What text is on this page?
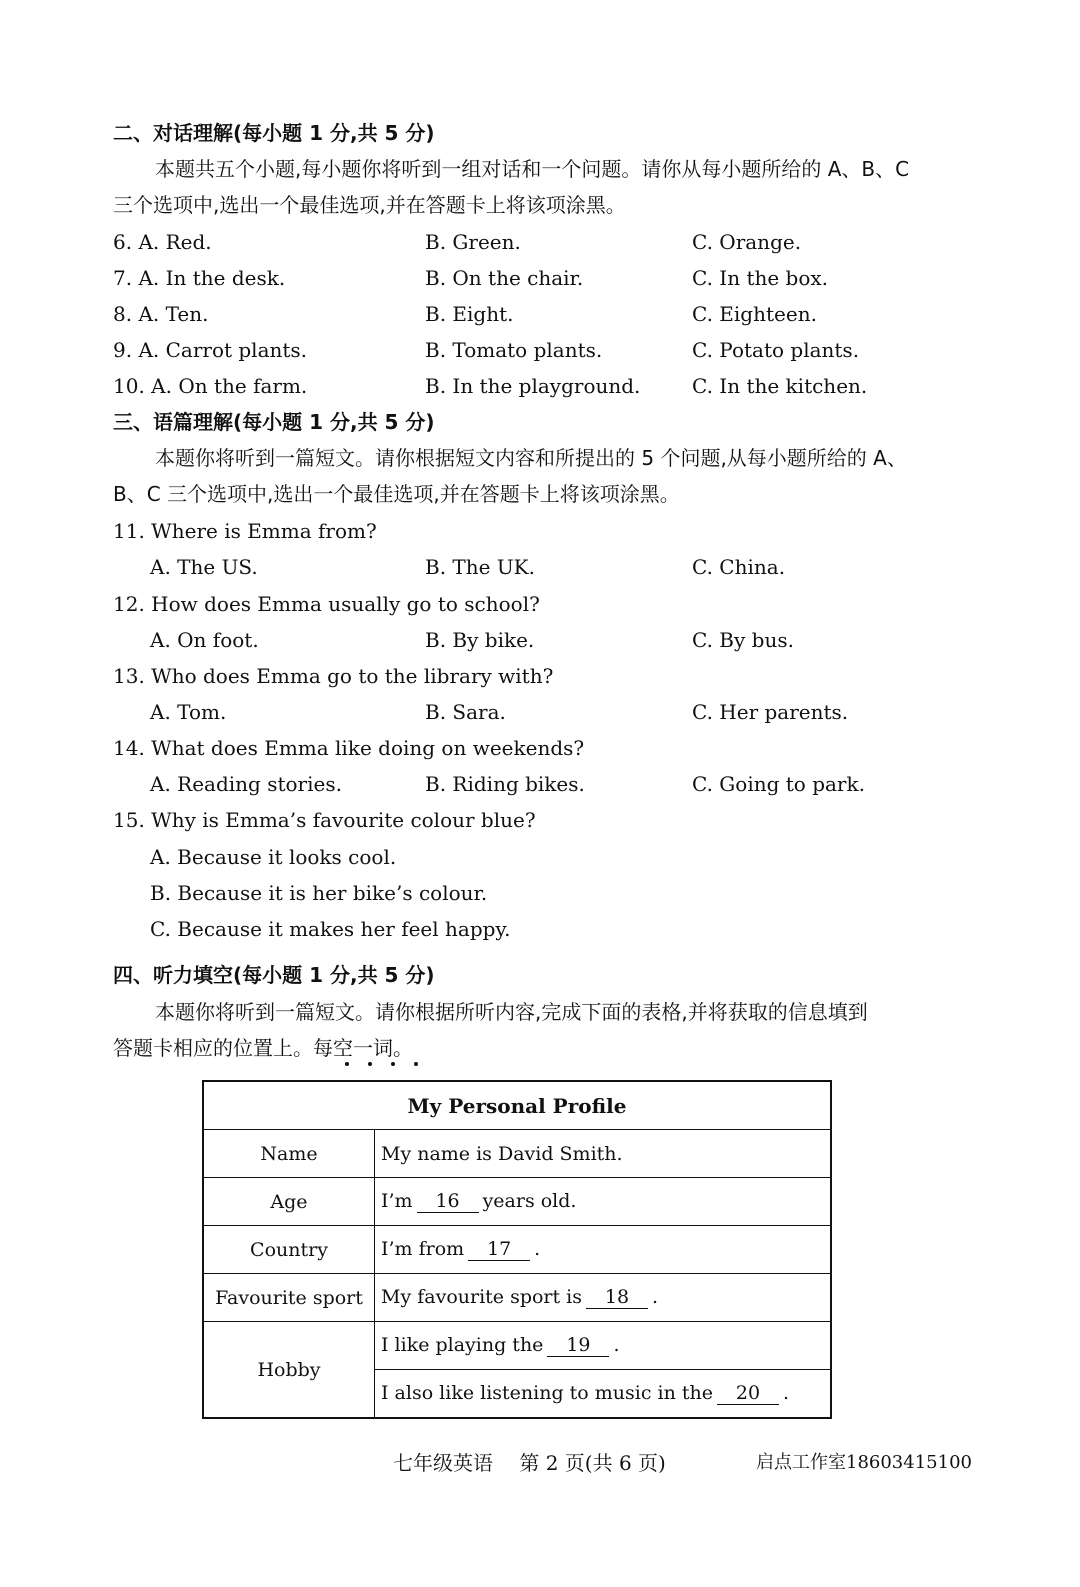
二、对话理解(每小题 1 分,共 5 分)
本题共五个小题,每小题你将听到一组对话和一个问题。请你从每小题所给的 A、B、C
三个选项中,选出一个最佳选项,并在答题卡上将该项涂黑。
6. A. Red.	B. Green.	C. Orange.
7. A. In the desk.	B. On the chair.	C. In the box.
8. A. Ten.	B. Eight.	C. Eighteen.
9. A. Carrot plants.	B. Tomato plants.	C. Potato plants.
10. A. On the farm.	B. In the playground.	C. In the kitchen.
三、语篇理解(每小题 1 分,共 5 分)
本题你将听到一篇短文。请你根据短文内容和所提出的 5 个问题,从每小题所给的 A、
B、C 三个选项中,选出一个最佳选项,并在答题卡上将该项涂黑。
11. Where is Emma from?
A. The US.	B. The UK.	C. China.
12. How does Emma usually go to school?
A. On foot.	B. By bike.	C. By bus.
13. Who does Emma go to the library with?
A. Tom.	B. Sara.	C. Her parents.
14. What does Emma like doing on weekends?
A. Reading stories.	B. Riding bikes.	C. Going to park.
15. Why is Emma’s favourite colour blue?
A. Because it looks cool.
B. Because it is her bike’s colour.
C. Because it makes her feel happy.
四、听力填空(每小题 1 分,共 5 分)
本题你将听到一篇短文。请你根据所听内容,完成下面的表格,并将获取的信息填到
答题卡相应的位置上。每空一词。
My Personal Profile	
Name	My name is David Smith.
Age	I’m 16 years old.
Country	I’m from 17 .
Favourite sport	My favourite sport is 18 .
Hobby	I like playing the 19 .
	I also like listening to music in the 20 .
七年级英语　 第 2 页(共 6 页)	启点工作室18603415100
